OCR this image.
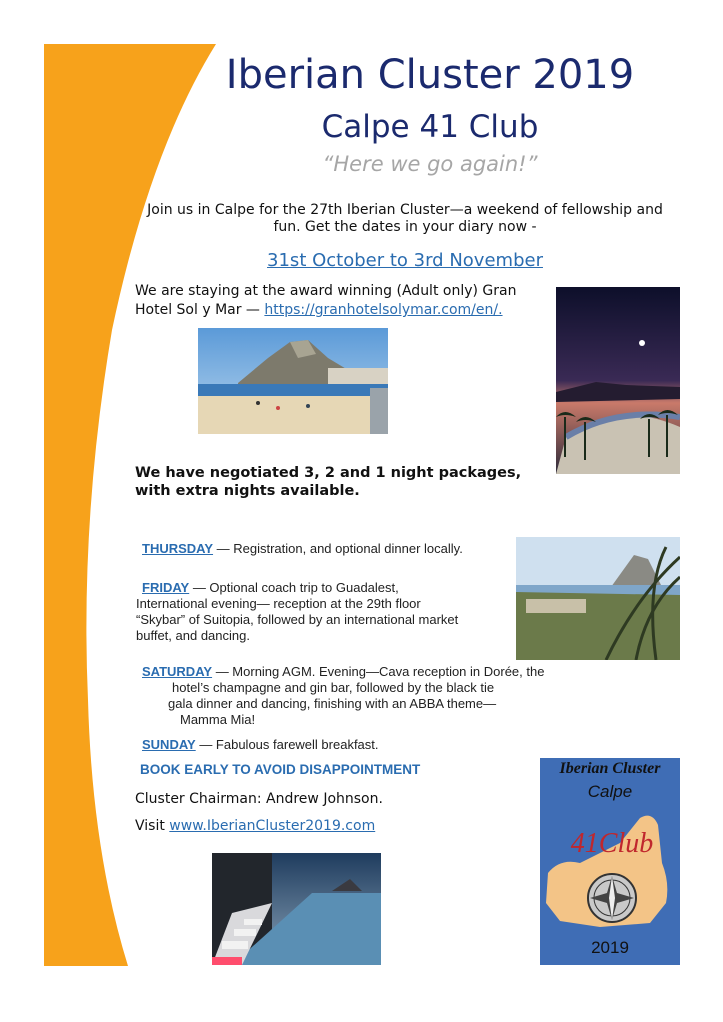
Iberian Cluster 2019
Calpe 41 Club
“Here we go again!”
Join us in Calpe for the 27th Iberian Cluster—a weekend of fellowship and fun. Get the dates in your diary now -
31st October to 3rd November
We are staying at the award winning (Adult only) Gran Hotel Sol y Mar — https://granhotelsolymar.com/en/.
We have negotiated 3, 2 and 1 night packages, with extra nights available.
THURSDAY — Registration, and optional dinner locally.
FRIDAY — Optional coach trip to Guadalest,
International evening— reception at the 29th floor
“Skybar” of Suitopia, followed by an international market
buffet, and dancing.
SATURDAY — Morning AGM. Evening—Cava reception in Dorée, the
hotel’s champagne and gin bar, followed by the black tie
gala dinner and dancing, finishing with an ABBA theme—
Mamma Mia!
SUNDAY — Fabulous farewell breakfast.
BOOK EARLY TO AVOID DISAPPOINTMENT
Cluster Chairman: Andrew Johnson.
Visit www.IberianCluster2019.com
Iberian Cluster
Calpe
41Club
2019
